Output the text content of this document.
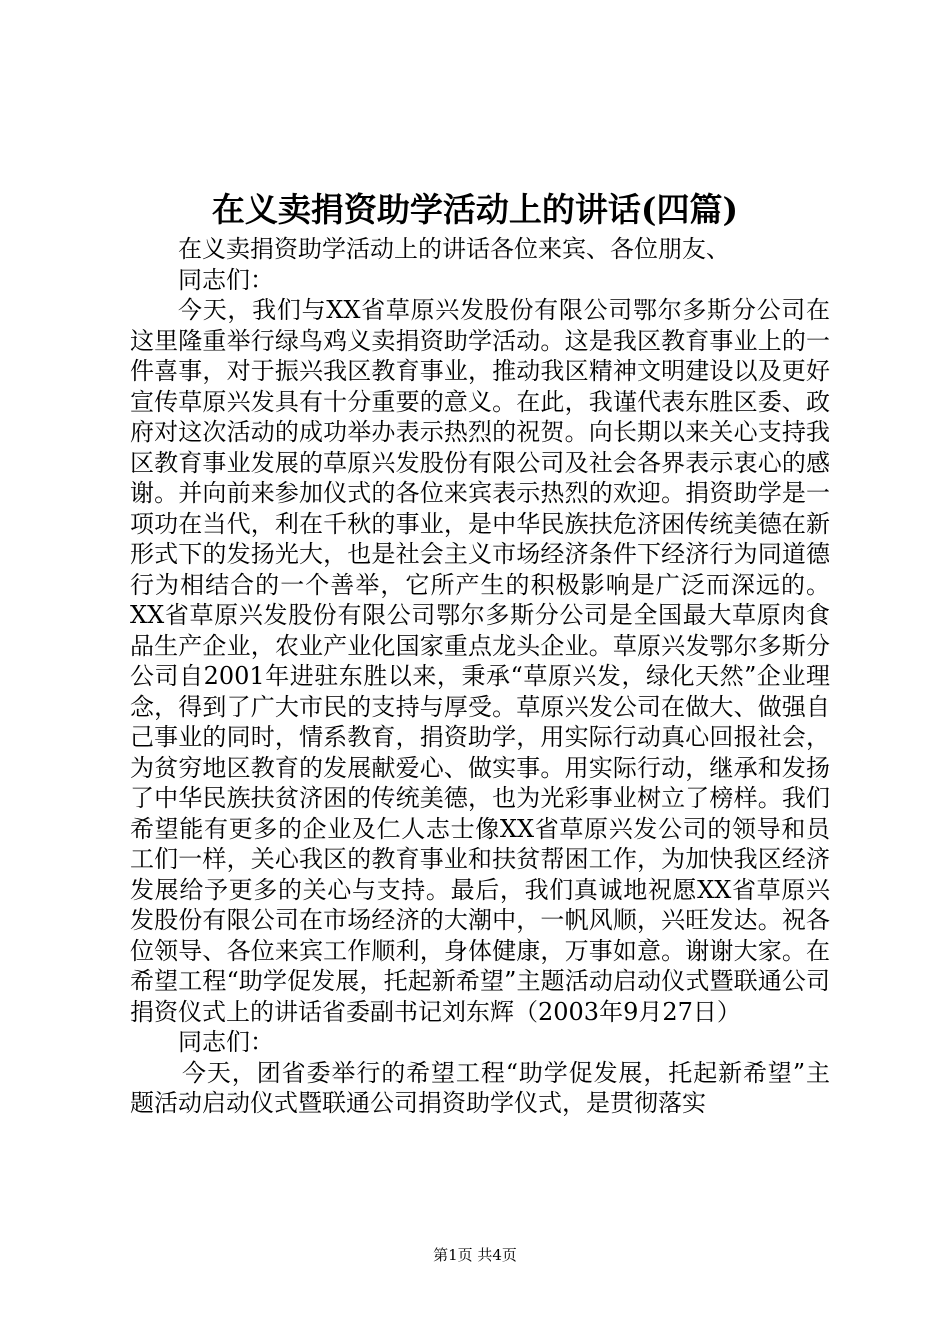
在义卖捐资助学活动上的讲话(四篇)

在义卖捐资助学活动上的讲话各位来宾、各位朋友、

同志们：

今天，我们与XX省草原兴发股份有限公司鄂尔多斯分公司在这里隆重举行绿鸟鸡义卖捐资助学活动。这是我区教育事业上的一件喜事，对于振兴我区教育事业，推动我区精神文明建设以及更好宣传草原兴发具有十分重要的意义。在此，我谨代表东胜区委、政府对这次活动的成功举办表示热烈的祝贺。向长期以来关心支持我区教育事业发展的草原兴发股份有限公司及社会各界表示衷心的感谢。并向前来参加仪式的各位来宾表示热烈的欢迎。捐资助学是一项功在当代，利在千秋的事业，是中华民族扶危济困传统美德在新形式下的发扬光大，也是社会主义市场经济条件下经济行为同道德行为相结合的一个善举，它所产生的积极影响是广泛而深远的。XX省草原兴发股份有限公司鄂尔多斯分公司是全国最大草原肉食品生产企业，农业产业化国家重点龙头企业。草原兴发鄂尔多斯分公司自2001年进驻东胜以来，秉承“草原兴发，绿化天然”企业理念，得到了广大市民的支持与厚受。草原兴发公司在做大、做强自己事业的同时，情系教育，捐资助学，用实际行动真心回报社会，为贫穷地区教育的发展献爱心、做实事。用实际行动，继承和发扬了中华民族扶贫济困的传统美德，也为光彩事业树立了榜样。我们希望能有更多的企业及仁人志士像XX省草原兴发公司的领导和员工们一样，关心我区的教育事业和扶贫帮困工作，为加快我区经济发展给予更多的关心与支持。最后，我们真诚地祝愿XX省草原兴发股份有限公司在市场经济的大潮中，一帆风顺，兴旺发达。祝各位领导、各位来宾工作顺利，身体健康，万事如意。谢谢大家。在希望工程“助学促发展，托起新希望”主题活动启动仪式暨联通公司捐资仪式上的讲话省委副书记刘东辉（2003年9月27日）

同志们：

今天，团省委举行的希望工程“助学促发展，托起新希望”主题活动启动仪式暨联通公司捐资助学仪式，是贯彻落实

第1页 共4页
